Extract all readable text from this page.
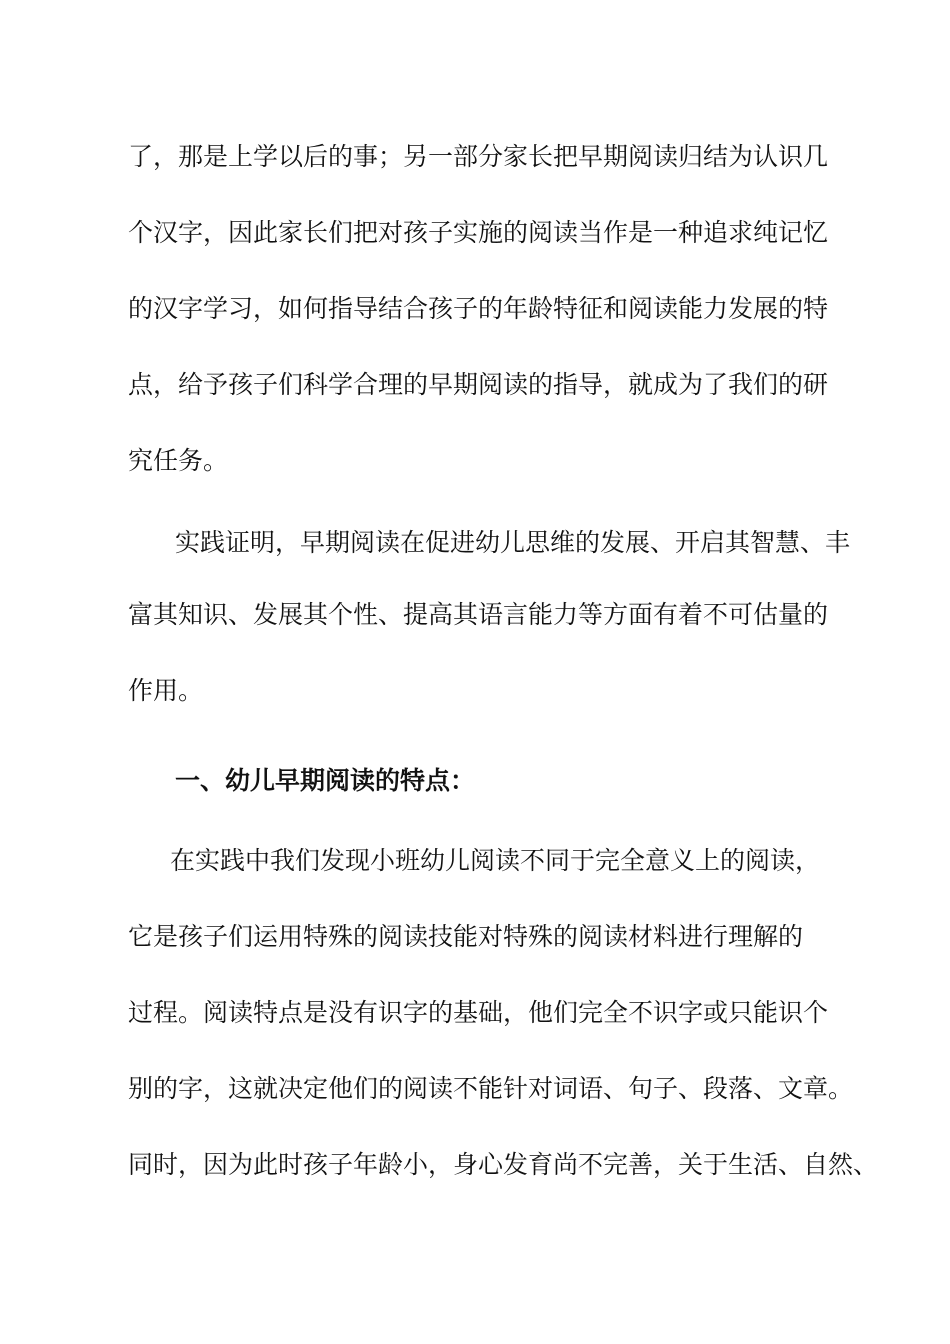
了，那是上学以后的事；另一部分家长把早期阅读归结为认识几
个汉字，因此家长们把对孩子实施的阅读当作是一种追求纯记忆
的汉字学习，如何指导结合孩子的年龄特征和阅读能力发展的特
点，给予孩子们科学合理的早期阅读的指导，就成为了我们的研
究任务。
实践证明，早期阅读在促进幼儿思维的发展、开启其智慧、丰
富其知识、发展其个性、提高其语言能力等方面有着不可估量的
作用。
一、幼儿早期阅读的特点：
在实践中我们发现小班幼儿阅读不同于完全意义上的阅读，
它是孩子们运用特殊的阅读技能对特殊的阅读材料进行理解的
过程。阅读特点是没有识字的基础，他们完全不识字或只能识个
别的字，这就决定他们的阅读不能针对词语、句子、段落、文章。
同时，因为此时孩子年龄小，身心发育尚不完善，关于生活、自然、
